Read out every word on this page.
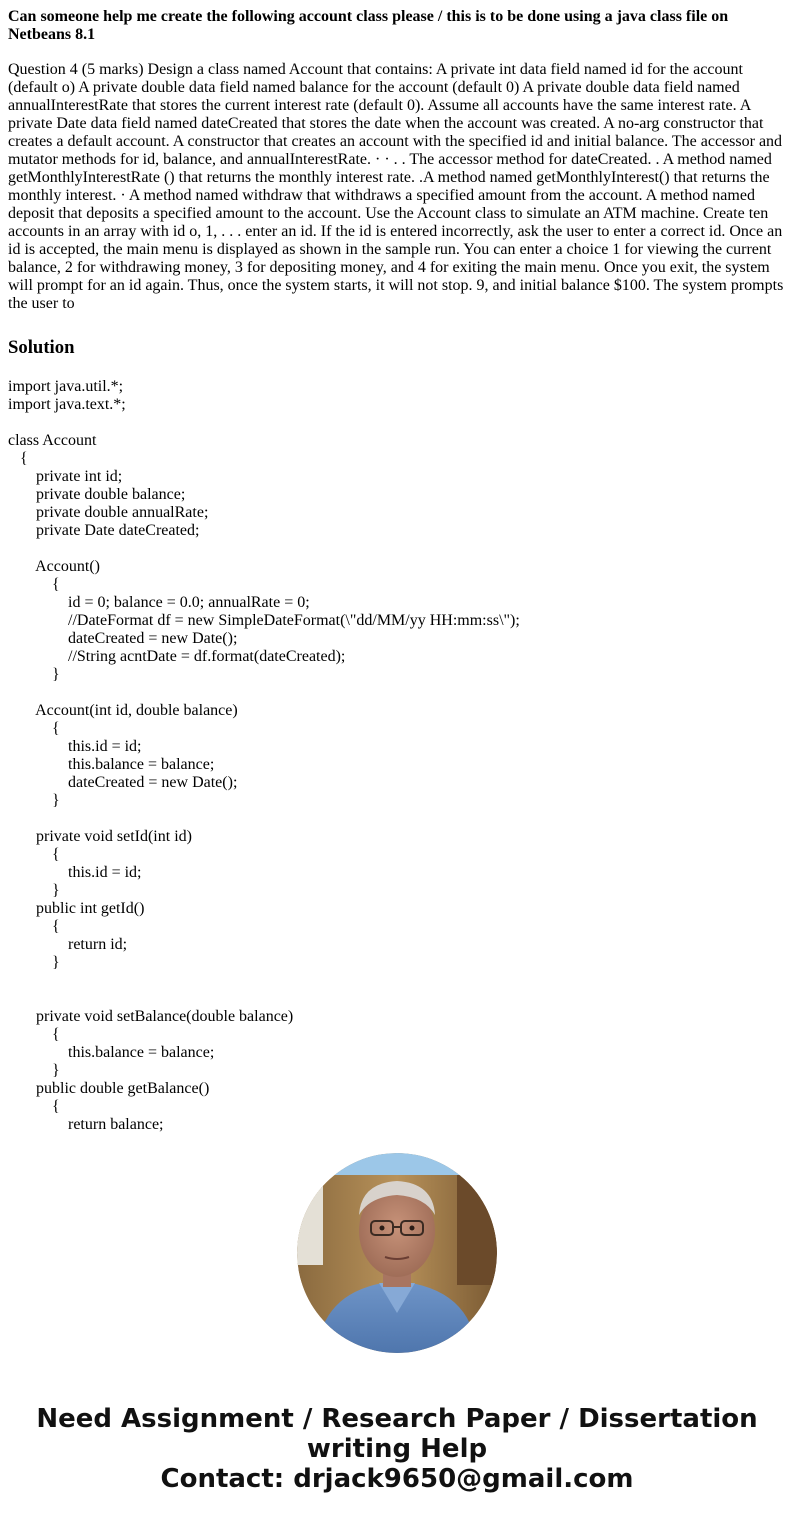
Can someone help me create the following account class please / this is to be done using a java class file on Netbeans 8.1

Question 4 (5 marks) Design a class named Account that contains: A private int data field named id for the account (default o) A private double data field named balance for the account (default 0) A private double data field named annualInterestRate that stores the current interest rate (default 0). Assume all accounts have the same interest rate. A private Date data field named dateCreated that stores the date when the account was created. A no-arg constructor that creates a default account. A constructor that creates an account with the specified id and initial balance. The accessor and mutator methods for id, balance, and annualInterestRate. · · . . The accessor method for dateCreated. . A method named getMonthlyInterestRate () that returns the monthly interest rate. .A method named getMonthlyInterest() that returns the monthly interest. · A method named withdraw that withdraws a specified amount from the account. A method named deposit that deposits a specified amount to the account. Use the Account class to simulate an ATM machine. Create ten accounts in an array with id o, 1, . . . enter an id. If the id is entered incorrectly, ask the user to enter a correct id. Once an id is accepted, the main menu is displayed as shown in the sample run. You can enter a choice 1 for viewing the current balance, 2 for withdrawing money, 3 for depositing money, and 4 for exiting the main menu. Once you exit, the system will prompt for an id again. Thus, once the system starts, it will not stop. 9, and initial balance $100. The system prompts the user to

Solution
import java.util.*;
import java.text.*;
class Account
{
private int id;
private double balance;
private double annualRate;
private Date dateCreated;
Account()
{
id = 0; balance = 0.0; annualRate = 0;
//DateFormat df = new SimpleDateFormat(\"dd/MM/yy HH:mm:ss\");
dateCreated = new Date();
//String acntDate = df.format(dateCreated);
}
Account(int id, double balance)
{
this.id = id;
this.balance = balance;
dateCreated = new Date();
}
private void setId(int id)
{
this.id = id;
}
public int getId()
{
return id;
}
private void setBalance(double balance)
{
this.balance = balance;
}
public double getBalance()
{
return balance;
Need Assignment / Research Paper / Dissertation
writing Help
Contact: drjack9650@gmail.com
